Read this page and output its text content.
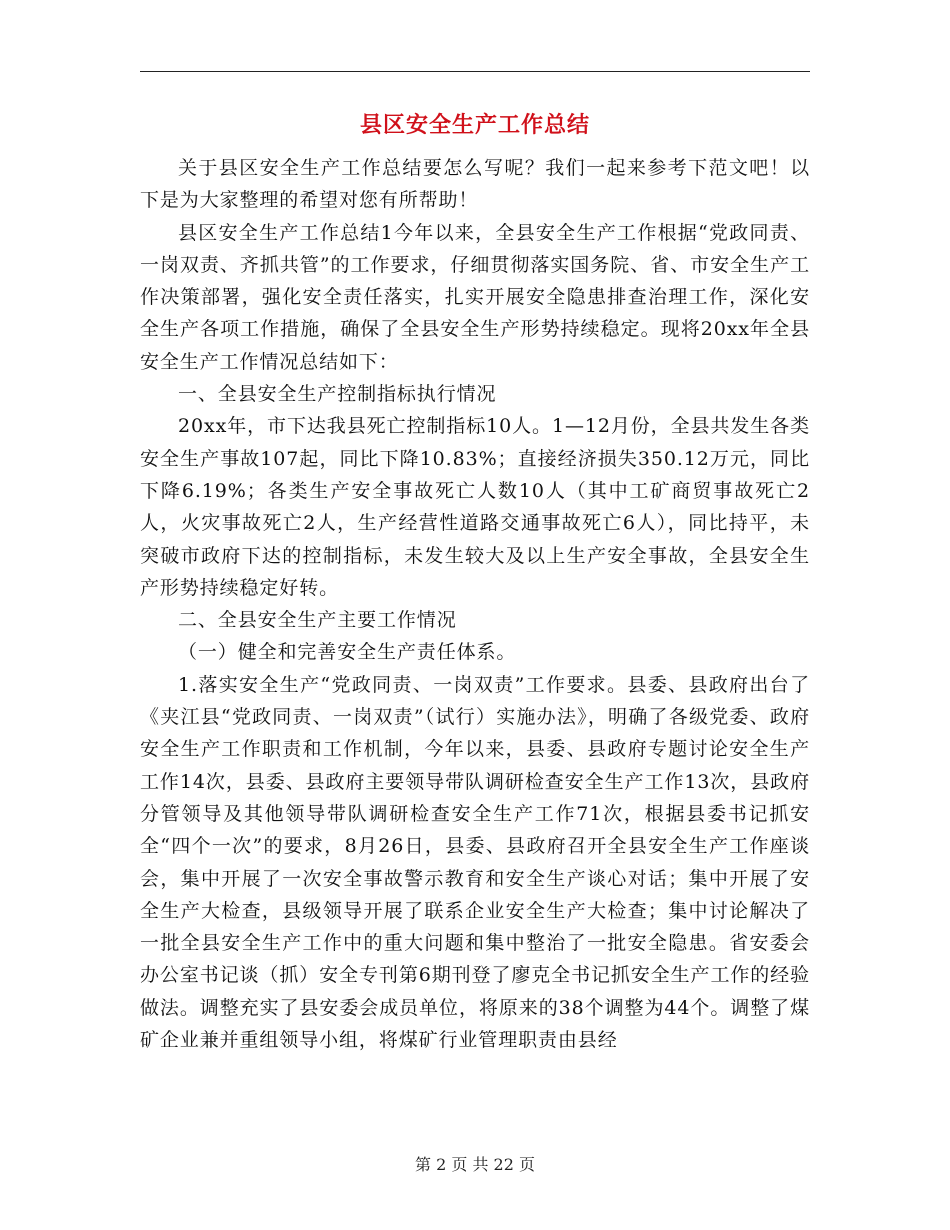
县区安全生产工作总结

关于县区安全生产工作总结要怎么写呢？我们一起来参考下范文吧！以下是为大家整理的希望对您有所帮助！

县区安全生产工作总结1今年以来，全县安全生产工作根据“党政同责、一岗双责、齐抓共管”的工作要求，仔细贯彻落实国务院、省、市安全生产工作决策部署，强化安全责任落实，扎实开展安全隐患排查治理工作，深化安全生产各项工作措施，确保了全县安全生产形势持续稳定。现将20xx年全县安全生产工作情况总结如下：

一、全县安全生产控制指标执行情况

20xx年，市下达我县死亡控制指标10人。1—12月份，全县共发生各类安全生产事故107起，同比下降10.83%；直接经济损失350.12万元，同比下降6.19%；各类生产安全事故死亡人数10人（其中工矿商贸事故死亡2人，火灾事故死亡2人，生产经营性道路交通事故死亡6人），同比持平，未突破市政府下达的控制指标，未发生较大及以上生产安全事故，全县安全生产形势持续稳定好转。

二、全县安全生产主要工作情况

（一）健全和完善安全生产责任体系。

1.落实安全生产“党政同责、一岗双责”工作要求。县委、县政府出台了《夹江县“党政同责、一岗双责”（试行）实施办法》，明确了各级党委、政府安全生产工作职责和工作机制，今年以来，县委、县政府专题讨论安全生产工作14次，县委、县政府主要领导带队调研检查安全生产工作13次，县政府分管领导及其他领导带队调研检查安全生产工作71次，根据县委书记抓安全“四个一次”的要求，8月26日，县委、县政府召开全县安全生产工作座谈会，集中开展了一次安全事故警示教育和安全生产谈心对话；集中开展了安全生产大检查，县级领导开展了联系企业安全生产大检查；集中讨论解决了一批全县安全生产工作中的重大问题和集中整治了一批安全隐患。省安委会办公室书记谈（抓）安全专刊第6期刊登了廖克全书记抓安全生产工作的经验做法。调整充实了县安委会成员单位，将原来的38个调整为44个。调整了煤矿企业兼并重组领导小组，将煤矿行业管理职责由县经

第 2 页 共 22 页
